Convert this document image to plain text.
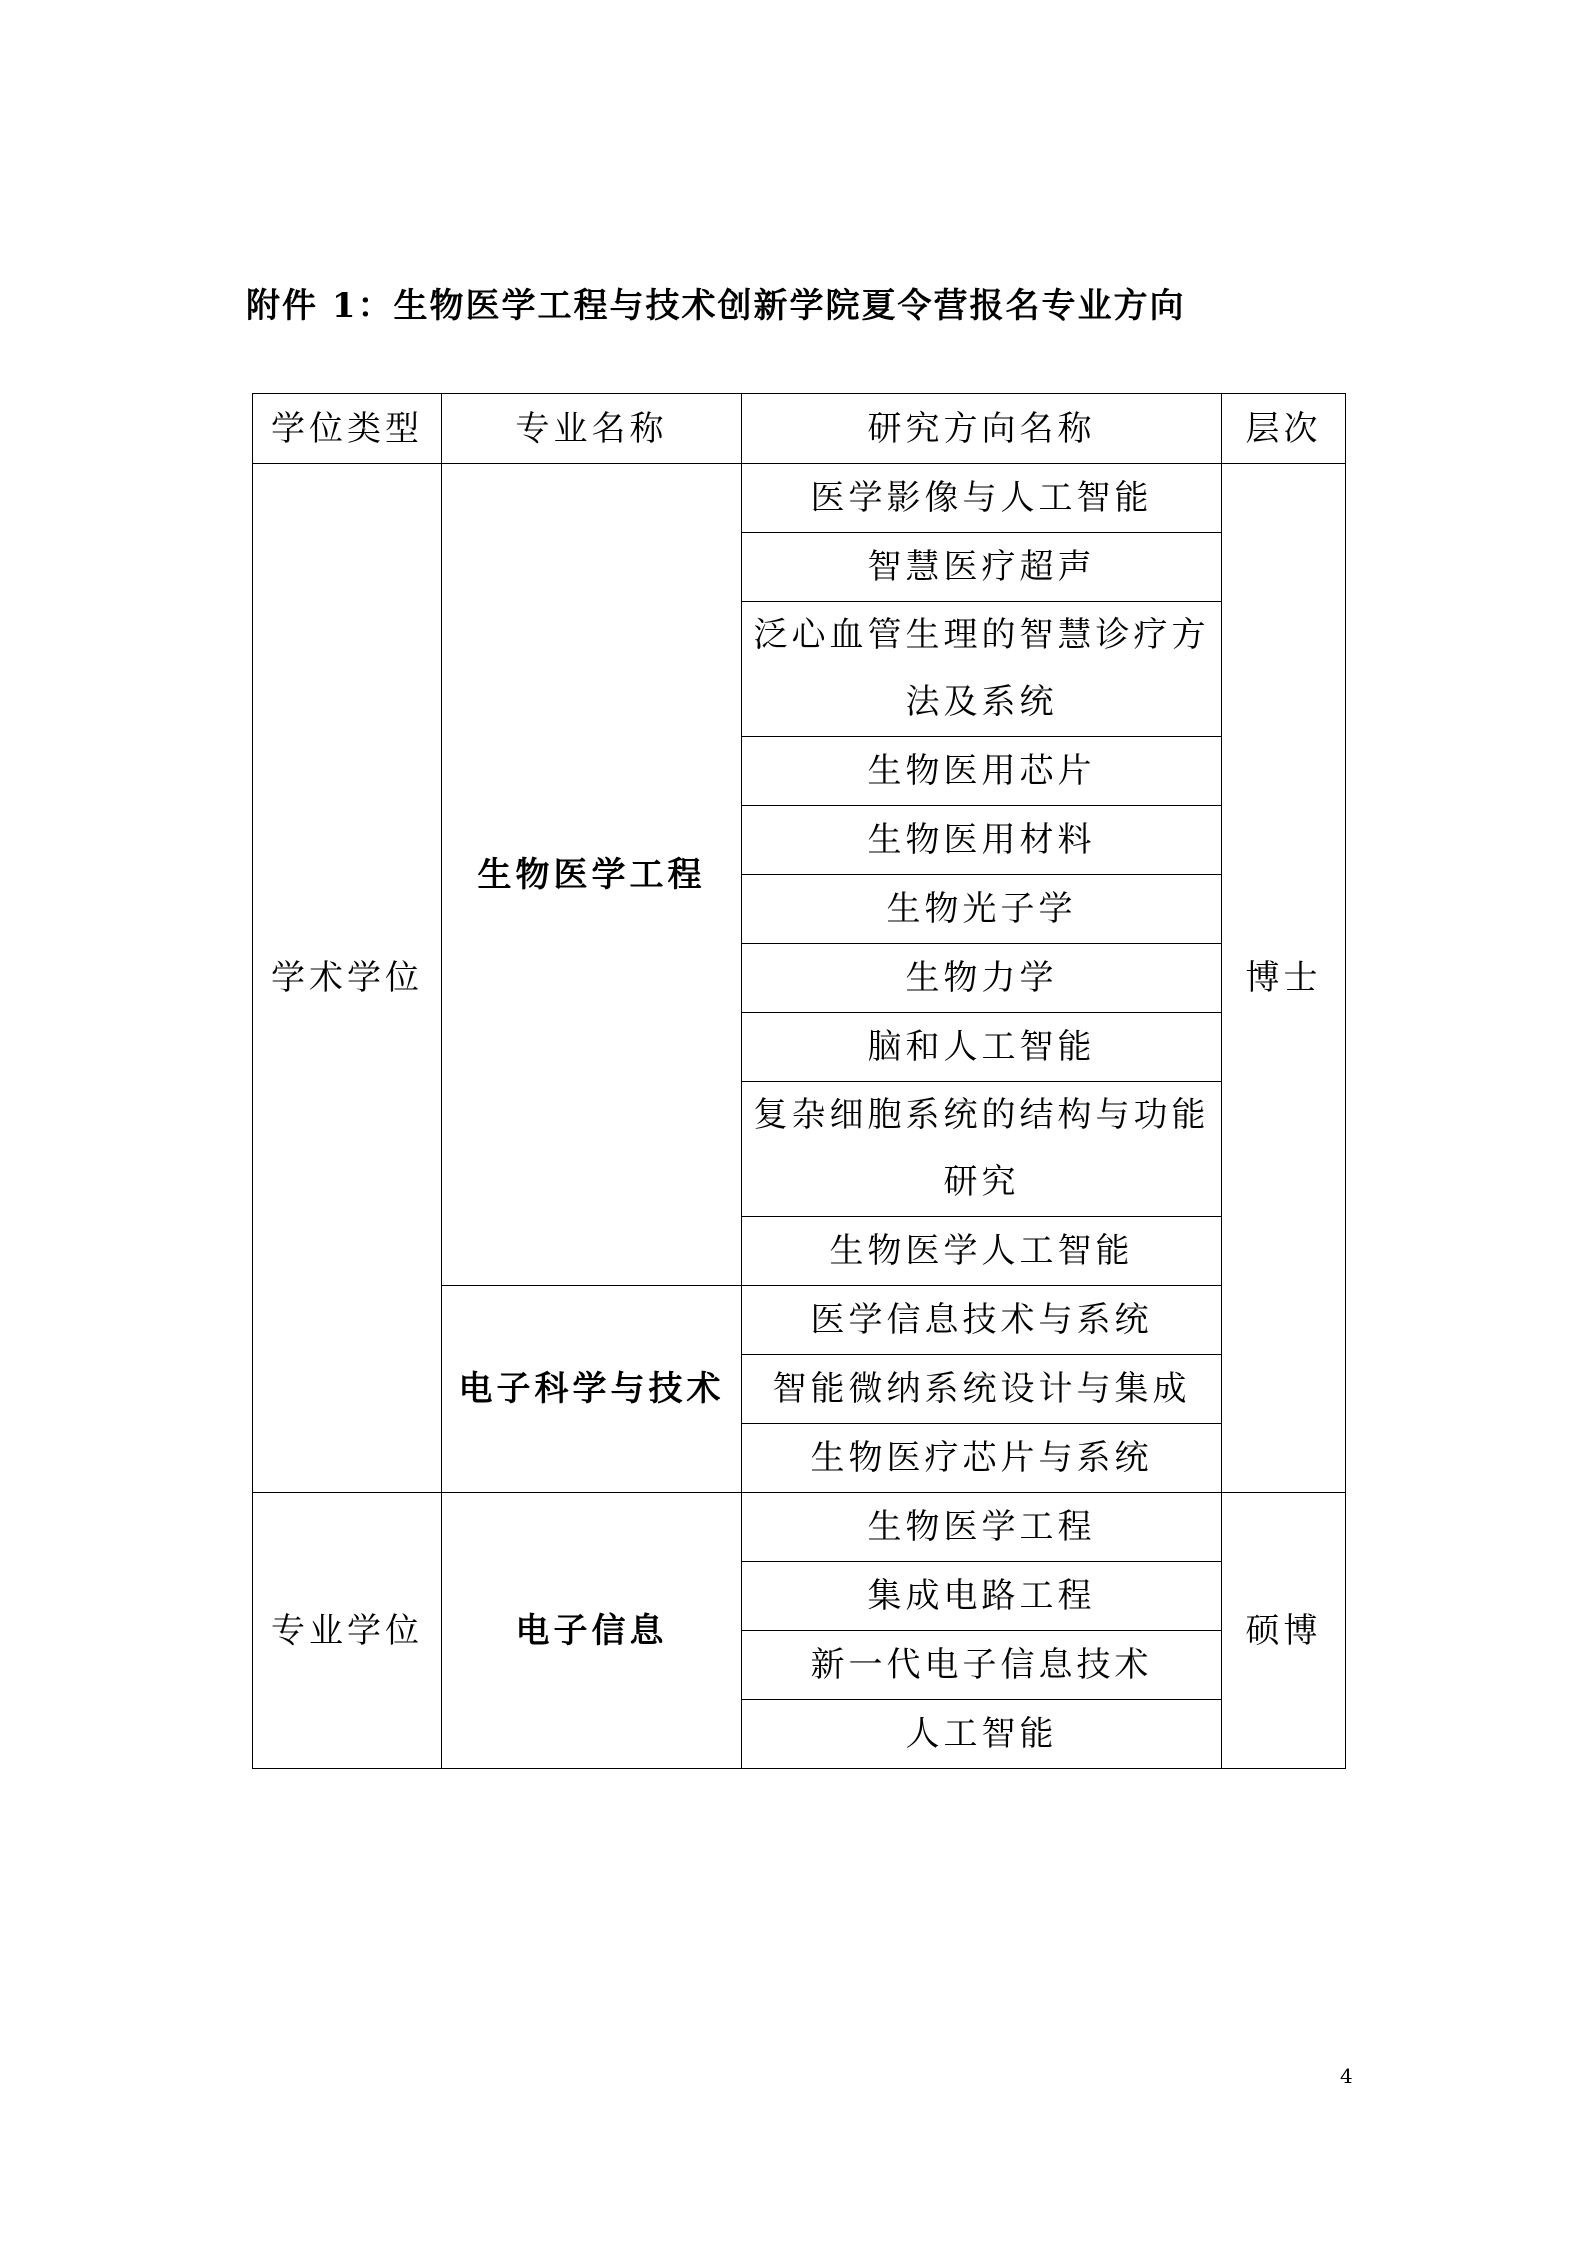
附件 1：生物医学工程与技术创新学院夏令营报名专业方向
学位类型	专业名称	研究方向名称	层次
学术学位	生物医学工程	医学影像与人工智能	博士
		智慧医疗超声	
		泛心血管生理的智慧诊疗方法及系统	
		生物医用芯片	
		生物医用材料	
		生物光子学	
		生物力学	
		脑和人工智能	
		复杂细胞系统的结构与功能研究	
		生物医学人工智能	
	电子科学与技术	医学信息技术与系统	
		智能微纳系统设计与集成	
		生物医疗芯片与系统	
专业学位	电子信息	生物医学工程	硕博
		集成电路工程	
		新一代电子信息技术	
		人工智能	
4
